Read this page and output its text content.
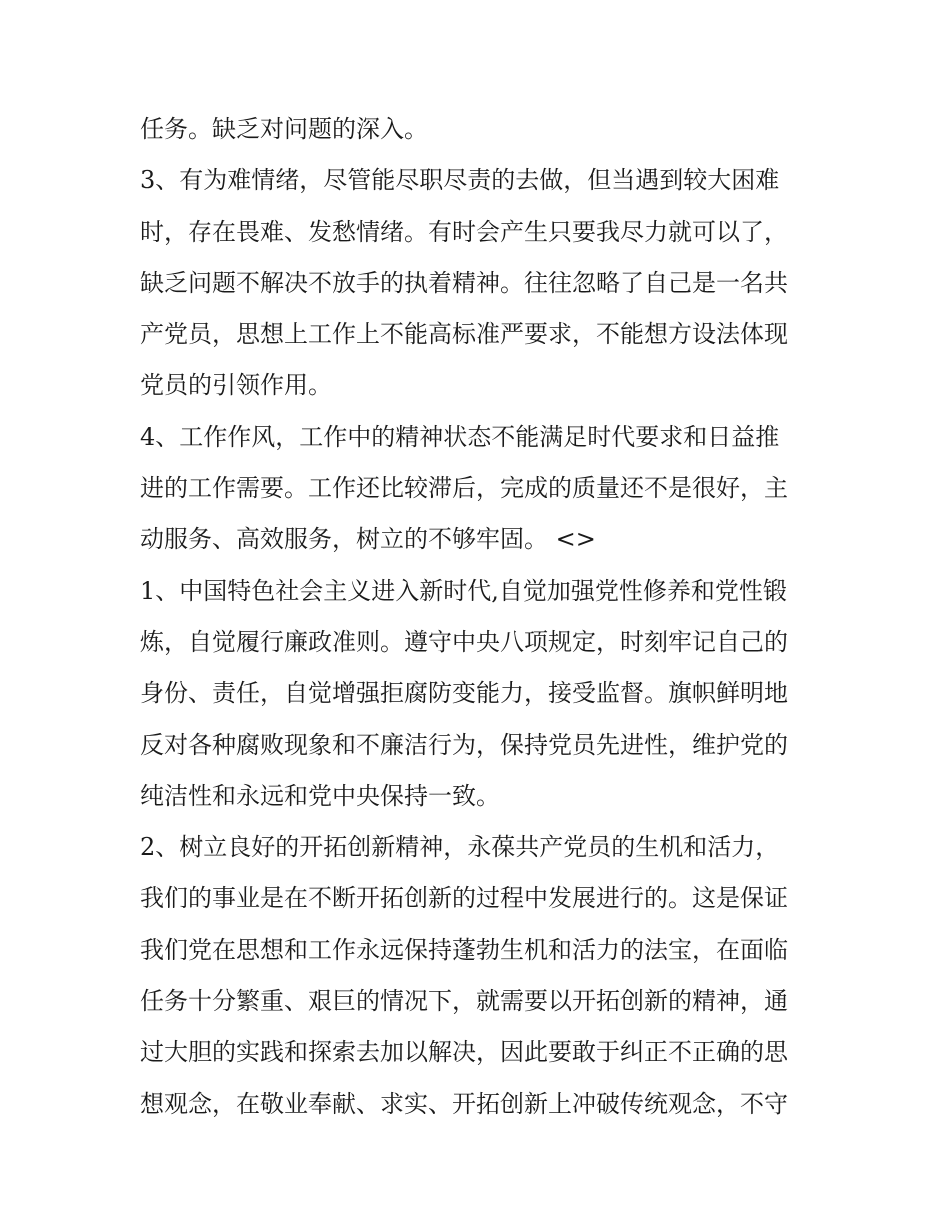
任务。缺乏对问题的深入。
3、有为难情绪，尽管能尽职尽责的去做，但当遇到较大困难
时，存在畏难、发愁情绪。有时会产生只要我尽力就可以了，
缺乏问题不解决不放手的执着精神。往往忽略了自己是一名共
产党员，思想上工作上不能高标准严要求，不能想方设法体现
党员的引领作用。
4、工作作风，工作中的精神状态不能满足时代要求和日益推
进的工作需要。工作还比较滞后，完成的质量还不是很好，主
动服务、高效服务，树立的不够牢固。 <>
1、中国特色社会主义进入新时代,自觉加强党性修养和党性锻
炼，自觉履行廉政准则。遵守中央八项规定，时刻牢记自己的
身份、责任，自觉增强拒腐防变能力，接受监督。旗帜鲜明地
反对各种腐败现象和不廉洁行为，保持党员先进性，维护党的
纯洁性和永远和党中央保持一致。
2、树立良好的开拓创新精神，永葆共产党员的生机和活力，
我们的事业是在不断开拓创新的过程中发展进行的。这是保证
我们党在思想和工作永远保持蓬勃生机和活力的法宝，在面临
任务十分繁重、艰巨的情况下，就需要以开拓创新的精神，通
过大胆的实践和探索去加以解决，因此要敢于纠正不正确的思
想观念，在敬业奉献、求实、开拓创新上冲破传统观念，不守
